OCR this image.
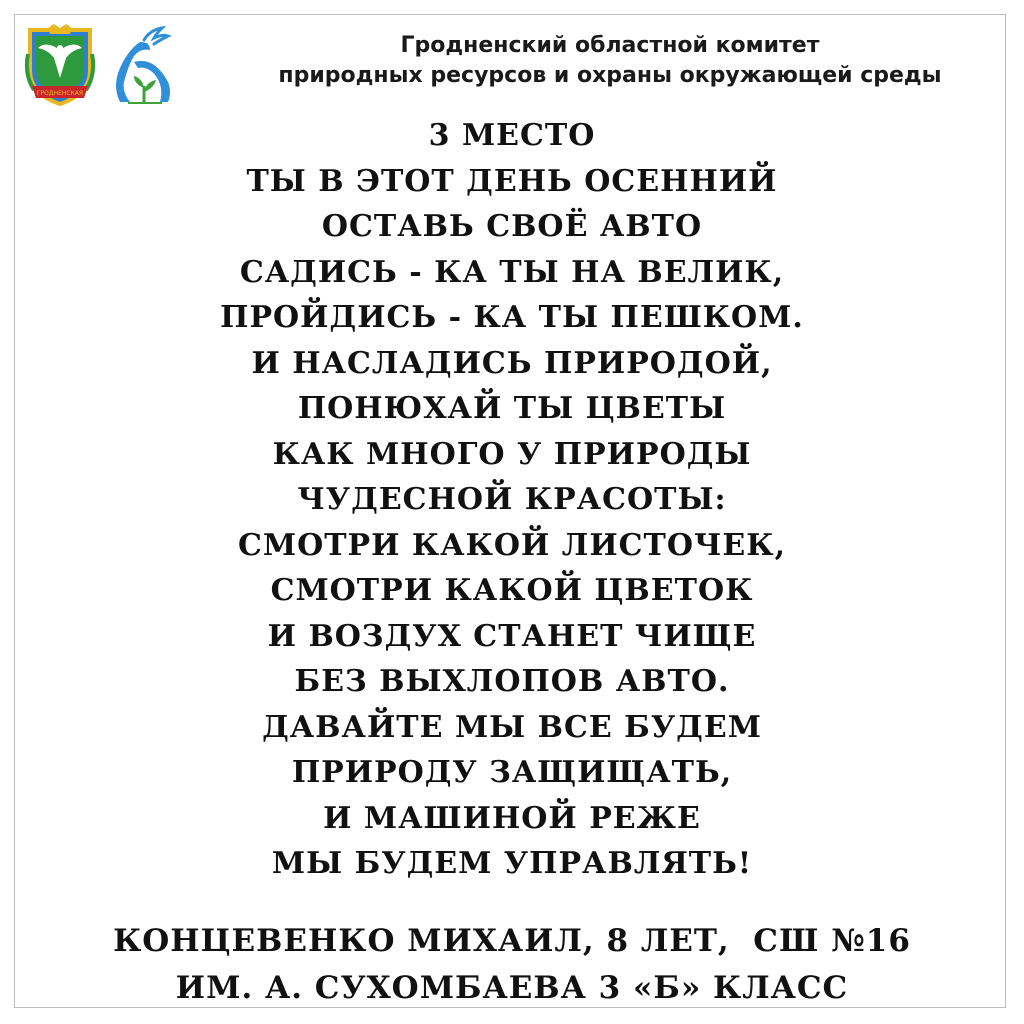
ГРОДНЕНСКАЯ
Гродненский областной комитет
природных ресурсов и охраны окружающей среды
3 МЕСТО
ТЫ В ЭТОТ ДЕНЬ ОСЕННИЙ
ОСТАВЬ СВОЁ АВТО
САДИСЬ - КА ТЫ НА ВЕЛИК,
ПРОЙДИСЬ - КА ТЫ ПЕШКОМ.
И НАСЛАДИСЬ ПРИРОДОЙ,
ПОНЮХАЙ ТЫ ЦВЕТЫ
КАК МНОГО У ПРИРОДЫ
ЧУДЕСНОЙ КРАСОТЫ:
СМОТРИ КАКОЙ ЛИСТОЧЕК,
СМОТРИ КАКОЙ ЦВЕТОК
И ВОЗДУХ СТАНЕТ ЧИЩЕ
БЕЗ ВЫХЛОПОВ АВТО.
ДАВАЙТЕ МЫ ВСЕ БУДЕМ
ПРИРОДУ ЗАЩИЩАТЬ,
И МАШИНОЙ РЕЖЕ
МЫ БУДЕМ УПРАВЛЯТЬ!
КОНЦЕВЕНКО МИХАИЛ, 8 ЛЕТ,  СШ №16
ИМ. А. СУХОМБАЕВА 3 «Б» КЛАСС
